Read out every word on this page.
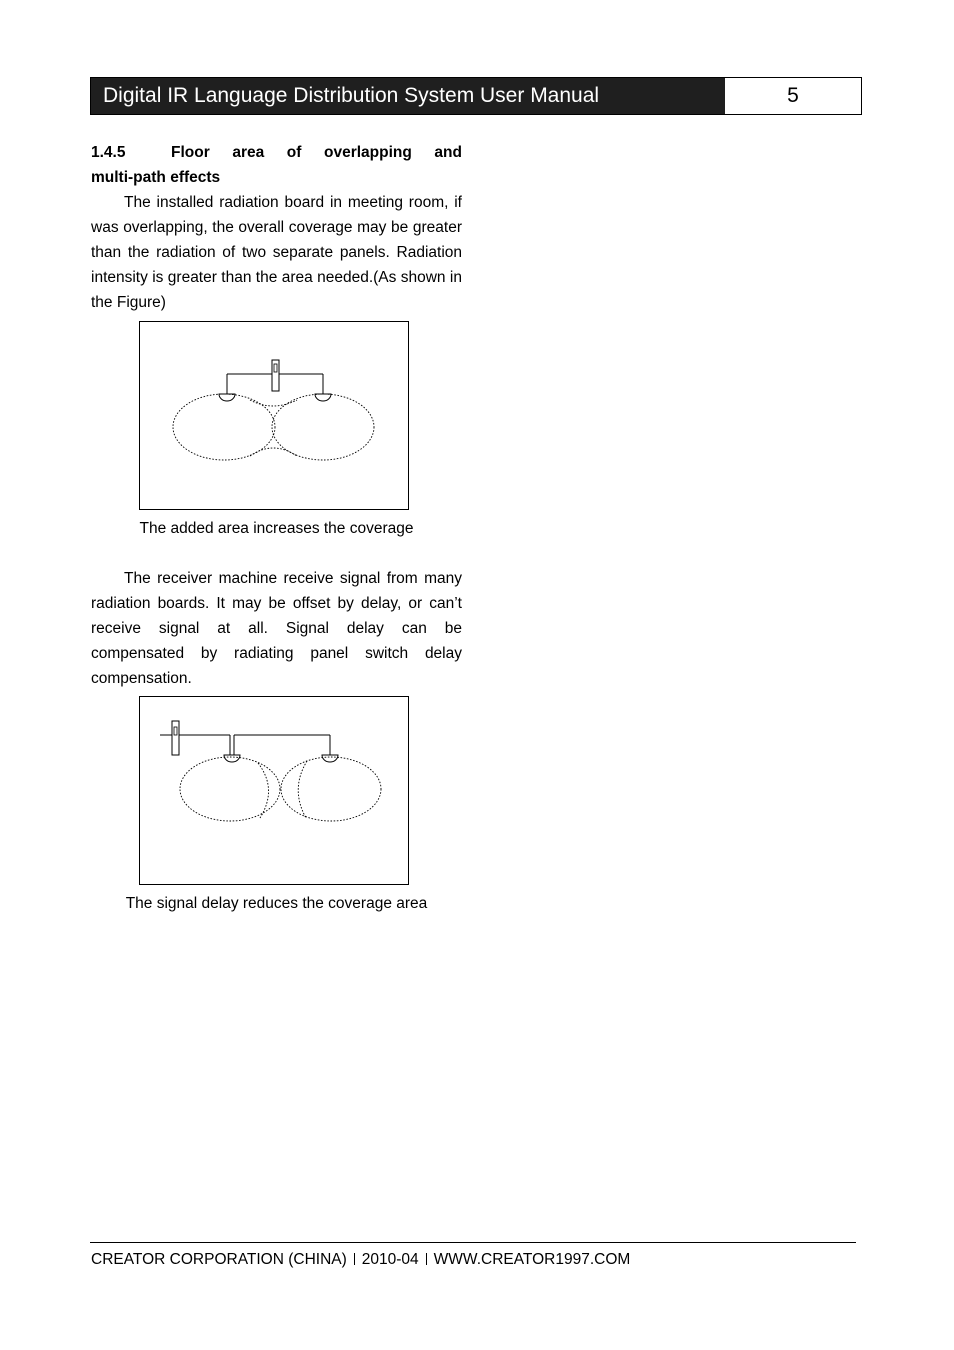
Digital IR Language Distribution System User Manual	5

1.4.5	Floor area of overlapping and
multi-path effects

The installed radiation board in meeting room, if was overlapping, the overall coverage may be greater than the radiation of two separate panels. Radiation intensity is greater than the area needed.(As shown in the Figure)

The added area increases the coverage

The receiver machine receive signal from many radiation boards. It may be offset by delay, or can’t receive signal at all. Signal delay can be compensated by radiating panel switch delay compensation.

The signal delay reduces the coverage area

CREATOR CORPORATION (CHINA) 2010-04 WWW.CREATOR1997.COM
